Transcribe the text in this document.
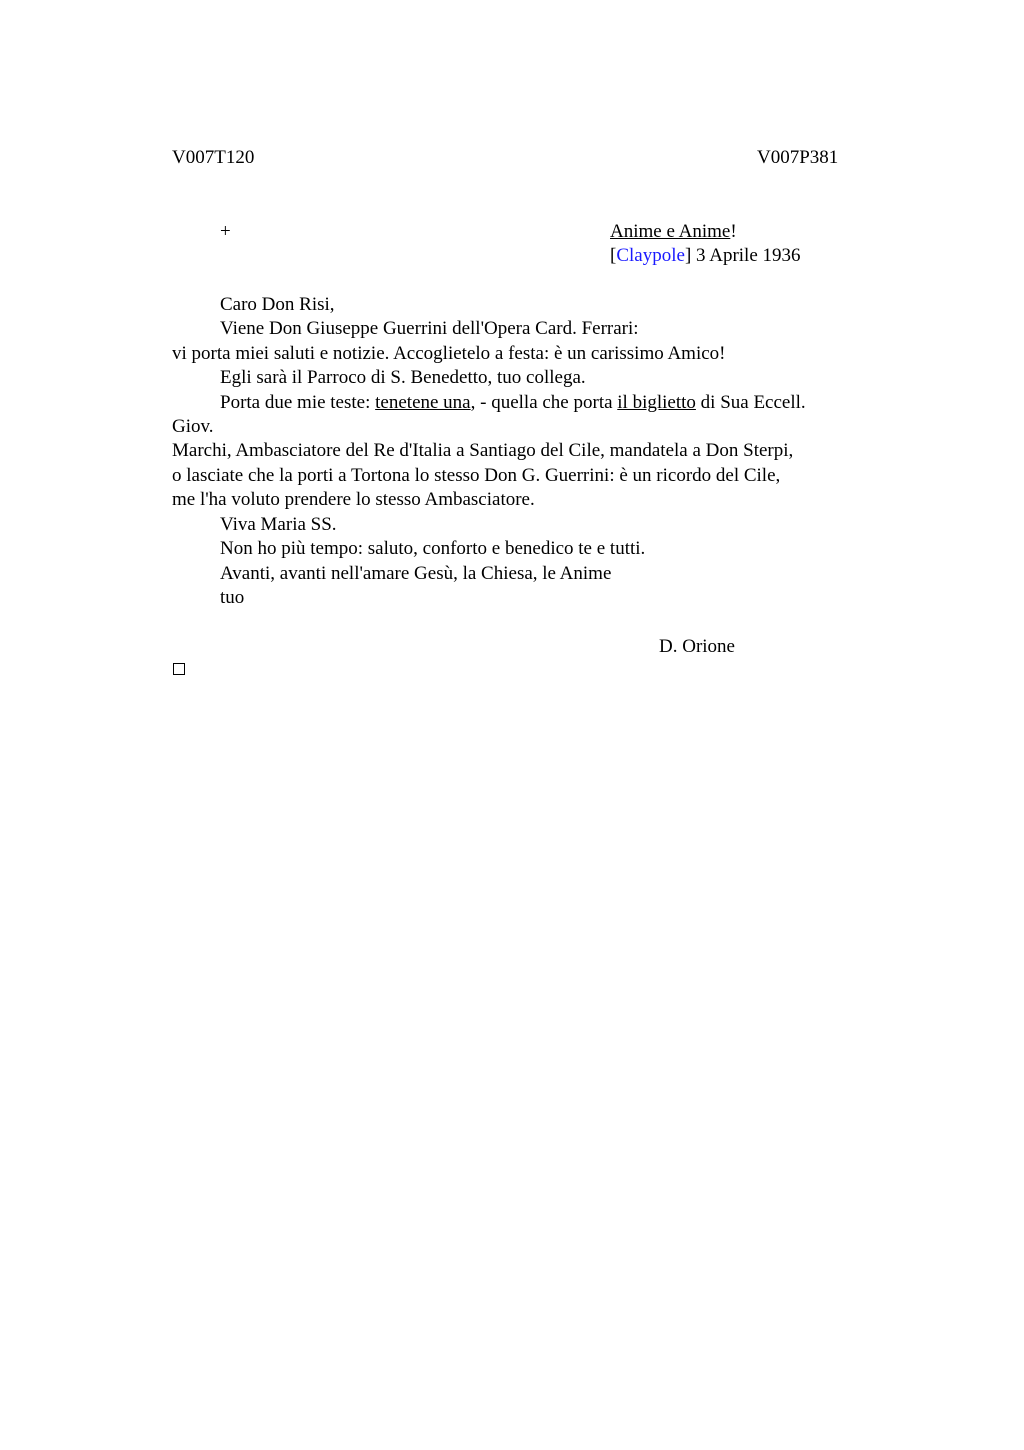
V007T120	V007P381
+	Anime e Anime!
[Claypole] 3 Aprile 1936
Caro Don Risi,
Viene Don Giuseppe Guerrini dell'Opera Card. Ferrari:
vi porta miei saluti e notizie. Accoglietelo a festa: è un carissimo Amico!
Egli sarà il Parroco di S. Benedetto, tuo collega.
Porta due mie teste: tenetene una, - quella che porta il biglietto di Sua Eccell.
Giov.
Marchi, Ambasciatore del Re d'Italia a Santiago del Cile, mandatela a Don Sterpi,
o lasciate che la porti a Tortona lo stesso Don G. Guerrini: è un ricordo del Cile,
me l'ha voluto prendere lo stesso Ambasciatore.
Viva Maria SS.
Non ho più tempo: saluto, conforto e benedico te e tutti.
Avanti, avanti nell'amare Gesù, la Chiesa, le Anime
tuo
D. Orione
